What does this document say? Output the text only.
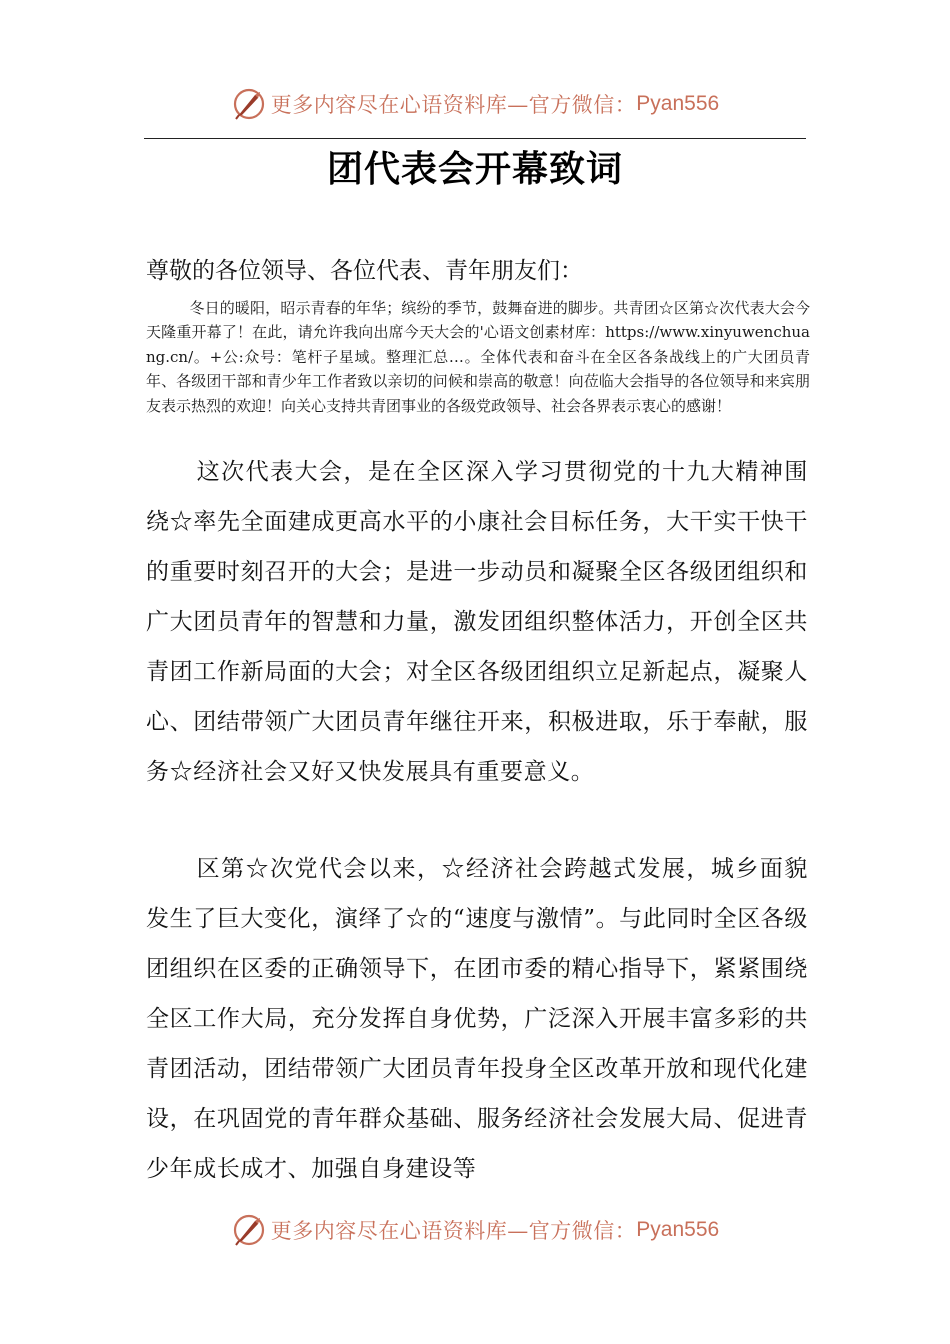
更多内容尽在心语资料库—官方微信： Pyan556
团代表会开幕致词
尊敬的各位领导、各位代表、青年朋友们：
冬日的暖阳，昭示青春的年华；缤纷的季节，鼓舞奋进的脚步。共青团☆区第☆次代表大会今天隆重开幕了！在此，请允许我向出席今天大会的'心语文创素材库：https://www.xinyuwenchuang.cn/。+公:众号：笔杆子星域。整理汇总…。全体代表和奋斗在全区各条战线上的广大团员青年、各级团干部和青少年工作者致以亲切的问候和崇高的敬意！向莅临大会指导的各位领导和来宾朋友表示热烈的欢迎！向关心支持共青团事业的各级党政领导、社会各界表示衷心的感谢！
这次代表大会，是在全区深入学习贯彻党的十九大精神围绕☆率先全面建成更高水平的小康社会目标任务，大干实干快干的重要时刻召开的大会；是进一步动员和凝聚全区各级团组织和广大团员青年的智慧和力量，激发团组织整体活力，开创全区共青团工作新局面的大会；对全区各级团组织立足新起点，凝聚人心、团结带领广大团员青年继往开来，积极进取，乐于奉献，服务☆经济社会又好又快发展具有重要意义。
区第☆次党代会以来，☆经济社会跨越式发展，城乡面貌发生了巨大变化，演绎了☆的“速度与激情”。与此同时全区各级团组织在区委的正确领导下，在团市委的精心指导下，紧紧围绕全区工作大局，充分发挥自身优势，广泛深入开展丰富多彩的共青团活动，团结带领广大团员青年投身全区改革开放和现代化建设，在巩固党的青年群众基础、服务经济社会发展大局、促进青少年成长成才、加强自身建设等
更多内容尽在心语资料库—官方微信： Pyan556
